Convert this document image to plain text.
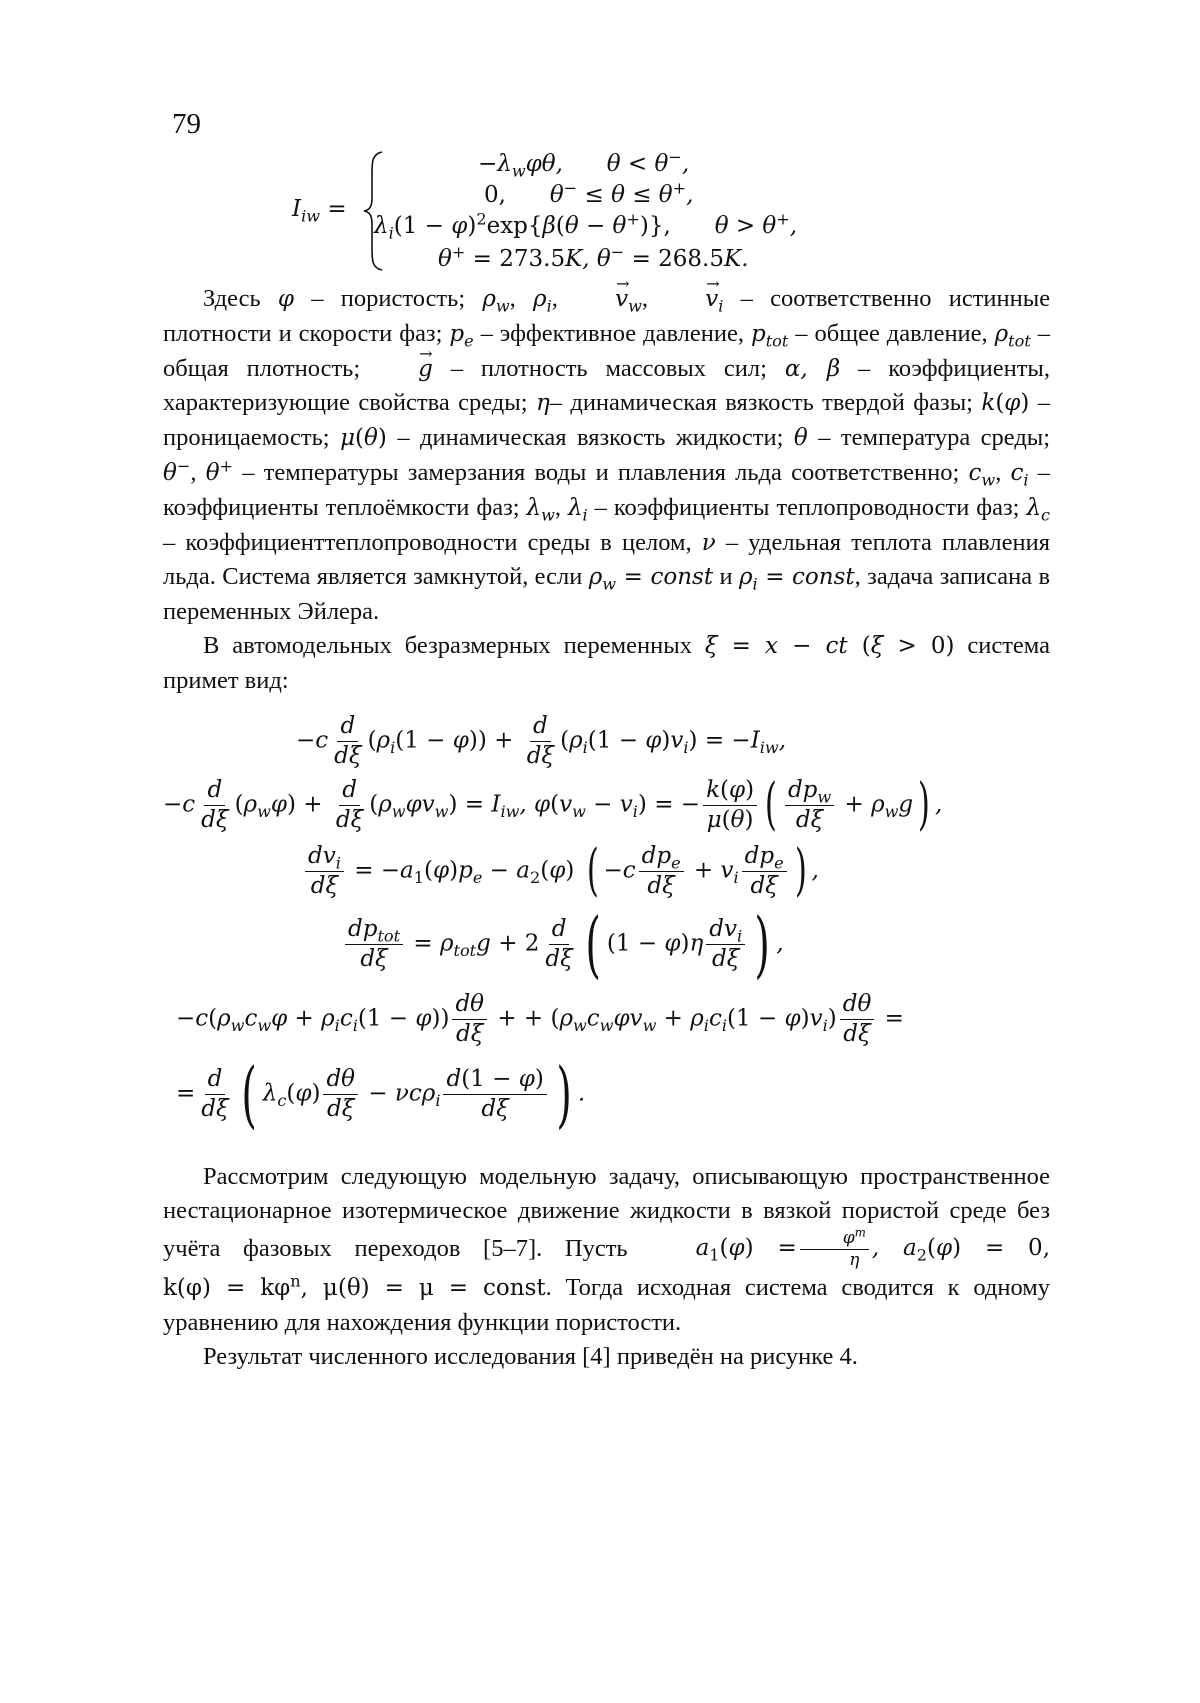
79
Iiw =
−λwφθ,      θ < θ−,
0,      θ− ≤ θ ≤ θ+,
λi(1 − φ)2exp{β(θ − θ+)},      θ > θ+,
θ+ = 273.5K, θ− = 268.5K.

Здесь φ – пористость; ρw, ρi, → vw, → vi – соответственно истинные плотности и скорости фаз; pe – эффективное давление, ptot – общее давление, ρtot – общая плотность; →	g – плотность массовых сил; α, β – коэффициенты, характеризующие свойства среды; η– динамическая вязкость твердой фазы; k(φ) – проницаемость; μ(θ) – динамическая вязкость жидкости; θ – температура среды; θ−, θ+ – температуры замерзания воды и плавления льда соответственно; cw, ci – коэффициенты теплоёмкости фаз; λw, λi – коэффициенты теплопроводности фаз; λc – коэффициенттеплопроводности среды в целом, ν – удельная теплота плавления льда. Система является замкнутой, если ρw = const и ρi = const, задача записана в переменных Эйлера.

В автомодельных безразмерных переменных ξ = x − ct (ξ > 0) система примет вид:

−c
d
dξ
(ρi(1 − φ)) +
d
dξ
(ρi(1 − φ)vi) = −Iiw,
−c
d
dξ
(ρwφ) +
d
dξ
(ρwφvw) = Iiw, φ(vw − vi) = −
k(φ)
μ(θ) ( dpw
dξ
+ ρwg) ,
dvi
dξ
= −a1(φ)pe − a2(φ) ( −c
dpe
dξ
+ vi
dpe
dξ ) ,
dptot
dξ
= ρtotg + 2
d
dξ ( (1 − φ)η
dvi
dξ ) ,
−c(ρwcwφ + ρici(1 − φ))
dθ
dξ
+ + (ρwcwφvw + ρici(1 − φ)vi)
dθ
dξ
=
=
d
dξ ( λc(φ)
dθ
dξ
− νcρi
d(1 − φ)
dξ ) .

Рассмотрим следующую модельную задачу, описывающую пространственное нестационарное изотермическое движение жидкости в вязкой пористой среде без учёта фазовых переходов [5–7]. Пусть	a1(φ) =	φm
η , a2(φ) = 0, k(φ) = kφn, μ(θ) = μ = const. Тогда исходная система сводится к одному уравнению для нахождения функции пористости.

Результат численного исследования [4] приведён на рисунке 4.
